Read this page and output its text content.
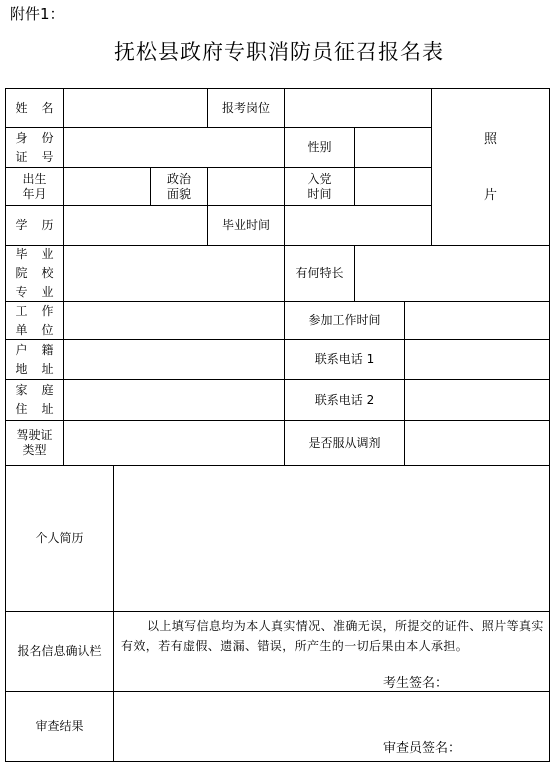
附件1：
抚松县政府专职消防员征召报名表
姓 名	报考岗位
照
片
身 份
证 号
性别
出生
年月
政治
面貌
入党
时间
学 历	毕业时间
毕 业
院 校
专 业
有何特长
工 作
单 位
参加工作时间
户 籍
地 址
联系电话 1
家 庭
住 址
联系电话 2
驾驶证
类型
是否服从调剂
个人简历
报名信息确认栏
以上填写信息均为本人真实情况、准确无误，所提交的证件、照片等真实有效，若有虚假、遗漏、错误，所产生的一切后果由本人承担。
考生签名：
审查结果
审查员签名：
